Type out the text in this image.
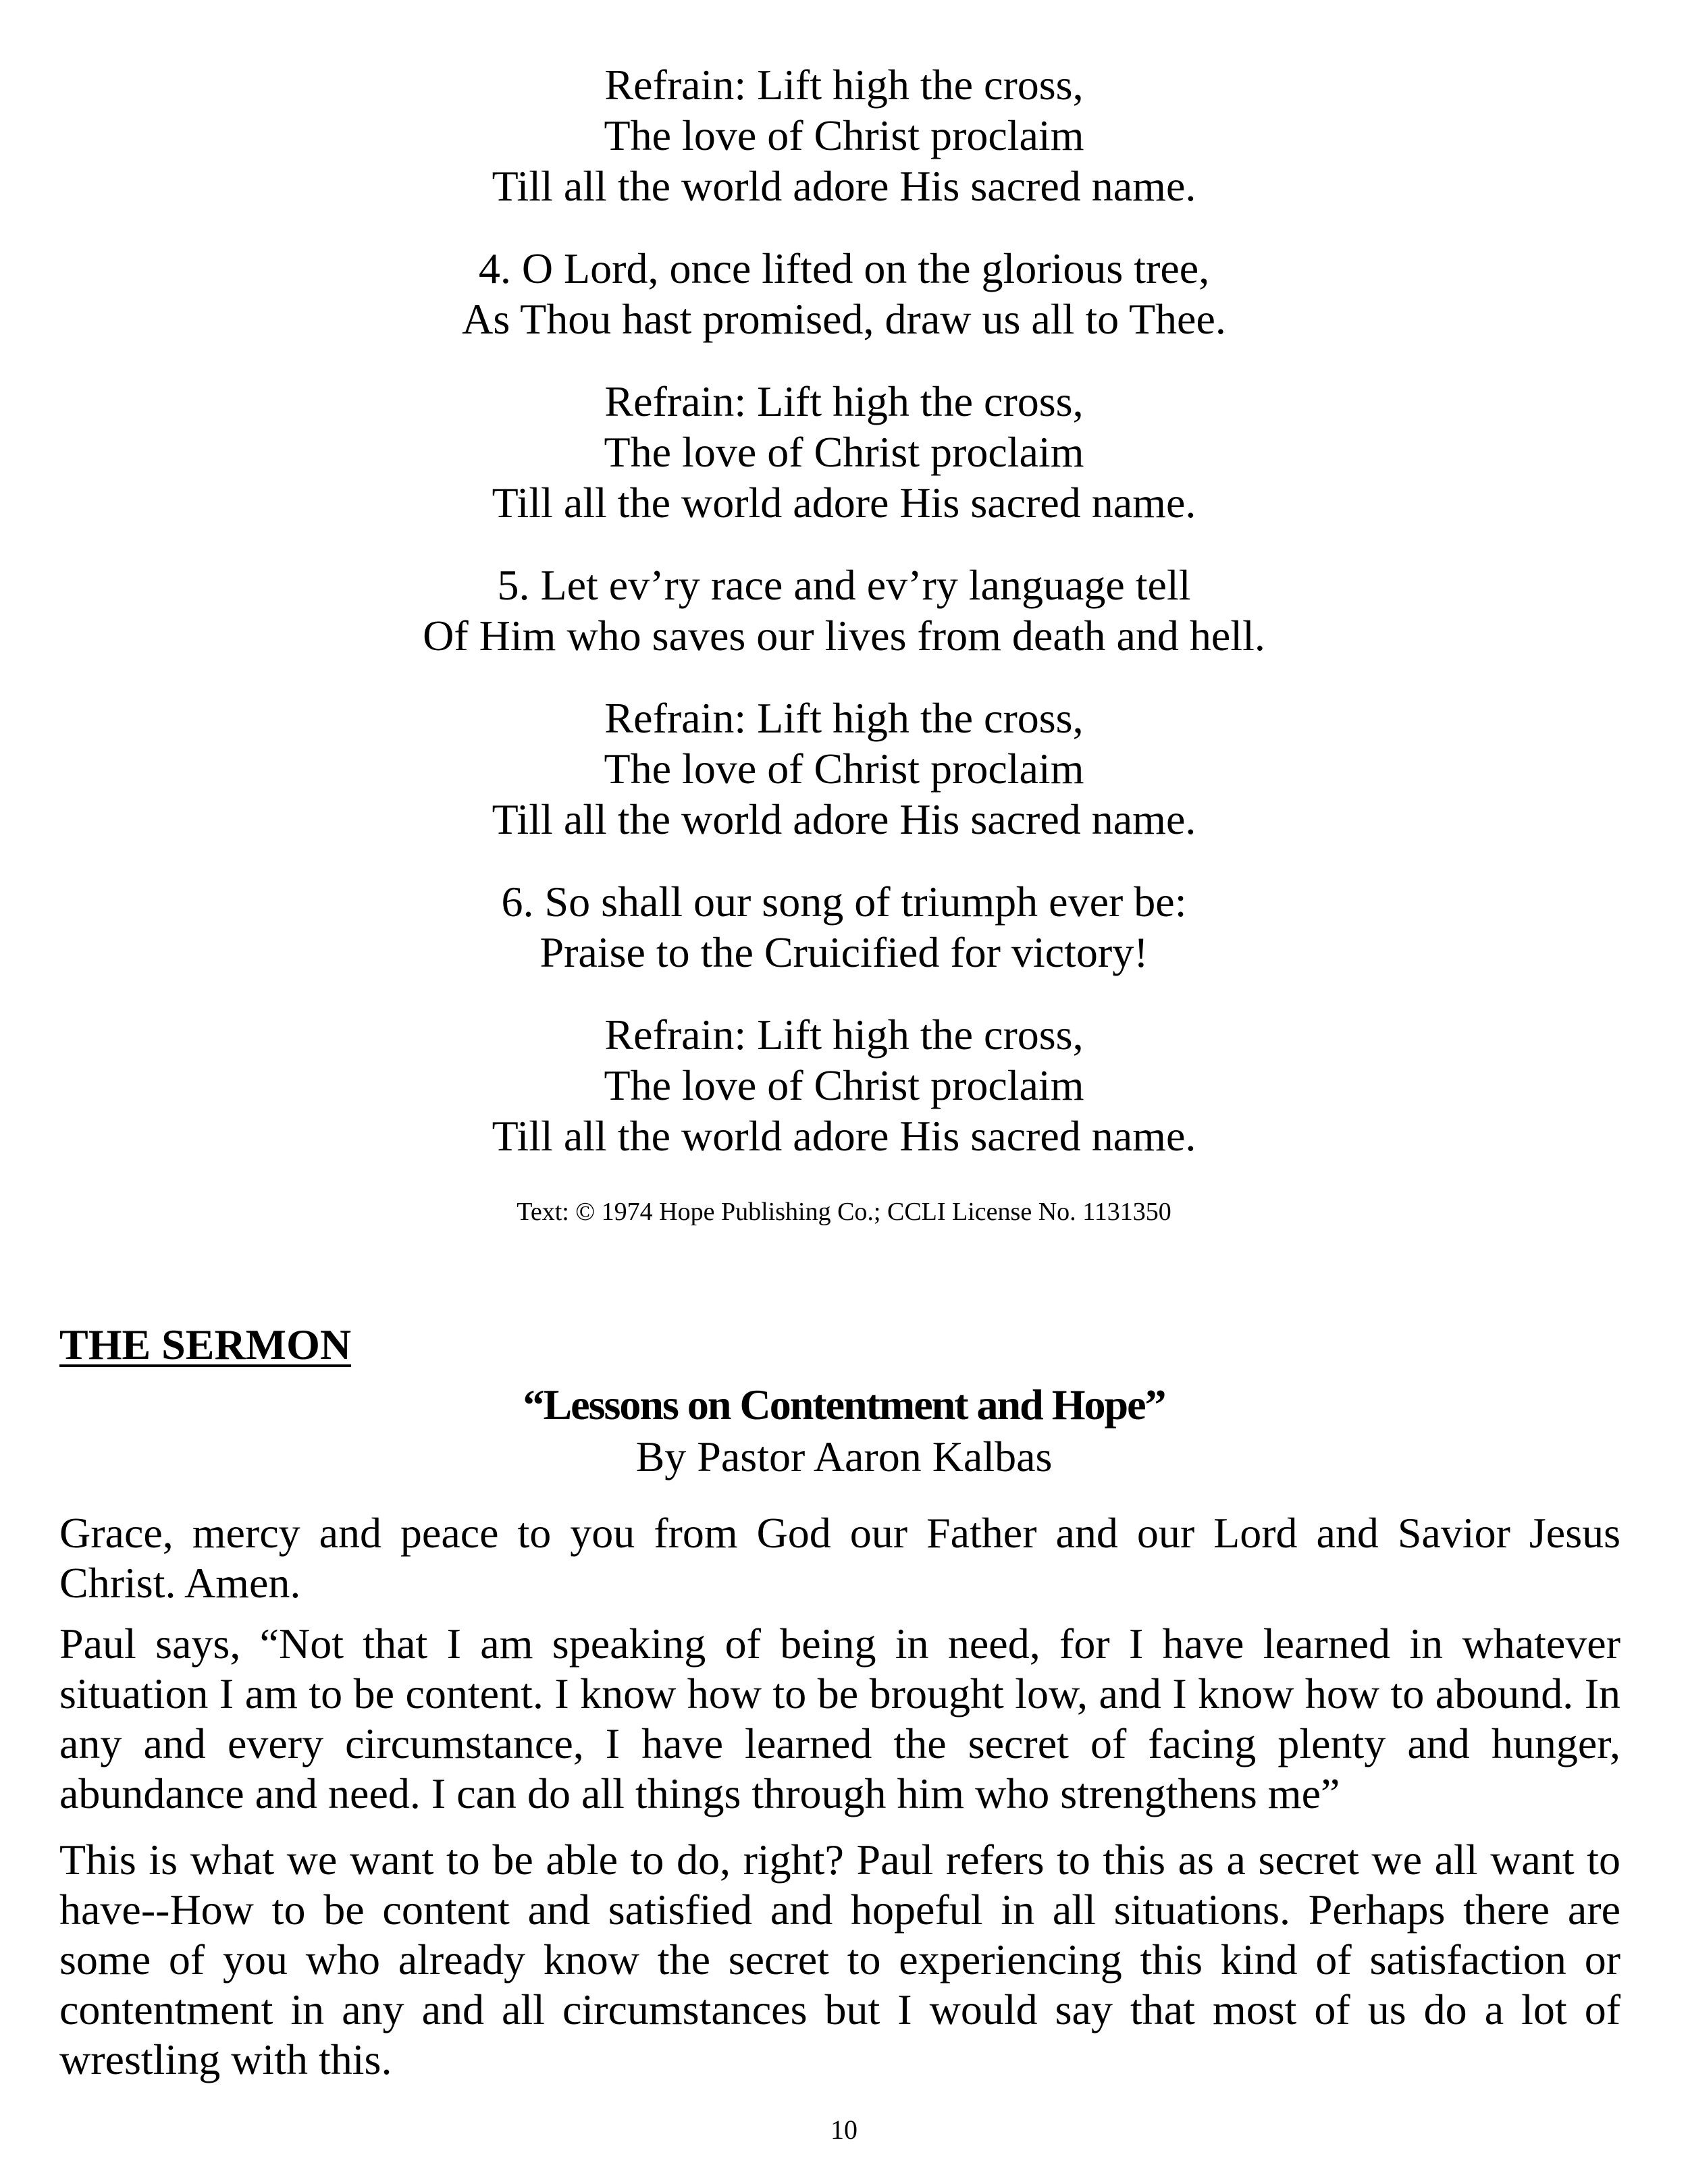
Refrain: Lift high the cross,
The love of Christ proclaim
Till all the world adore His sacred name.
4. O Lord, once lifted on the glorious tree,
As Thou hast promised, draw us all to Thee.
Refrain: Lift high the cross,
The love of Christ proclaim
Till all the world adore His sacred name.
5. Let ev’ry race and ev’ry language tell
Of Him who saves our lives from death and hell.
Refrain: Lift high the cross,
The love of Christ proclaim
Till all the world adore His sacred name.
6. So shall our song of triumph ever be:
Praise to the Cruicified for victory!
Refrain: Lift high the cross,
The love of Christ proclaim
Till all the world adore His sacred name.
Text: © 1974 Hope Publishing Co.; CCLI License No. 1131350
THE SERMON
“Lessons on Contentment and Hope”
By Pastor Aaron Kalbas

Grace, mercy and peace to you from God our Father and our Lord and Savior Jesus Christ. Amen.

Paul says, “Not that I am speaking of being in need, for I have learned in whatever situation I am to be content. I know how to be brought low, and I know how to abound. In any and every circumstance, I have learned the secret of facing plenty and hunger, abundance and need. I can do all things through him who strengthens me”

This is what we want to be able to do, right? Paul refers to this as a secret we all want to have--How to be content and satisfied and hopeful in all situations. Perhaps there are some of you who already know the secret to experiencing this kind of satisfaction or contentment in any and all circumstances but I would say that most of us do a lot of wrestling with this.

10
